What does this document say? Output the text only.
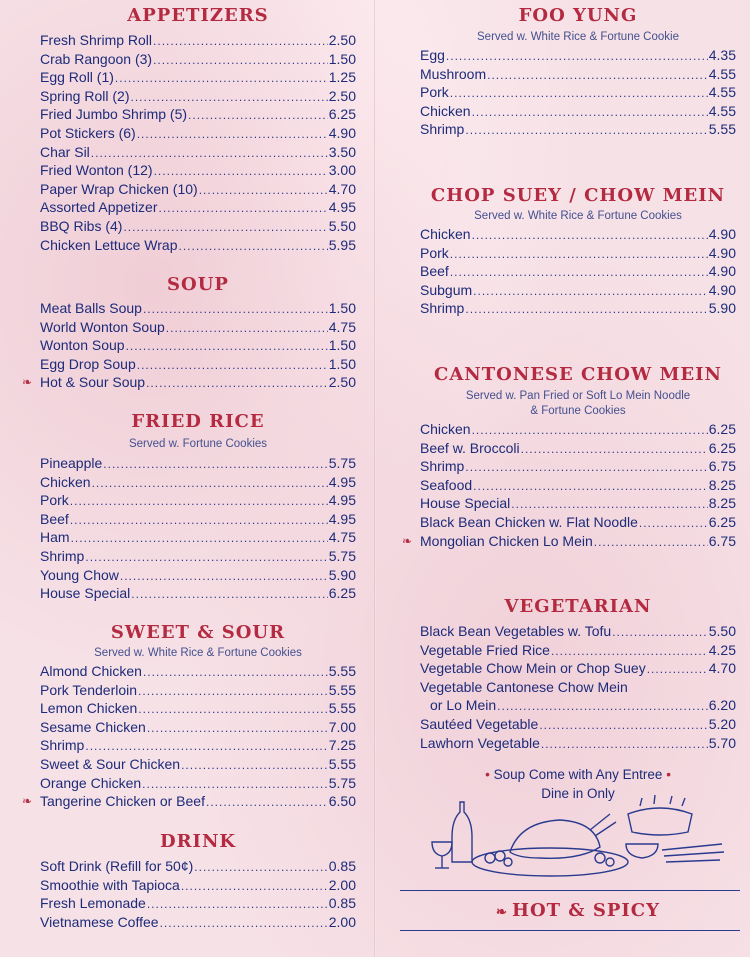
APPETIZERS
Fresh Shrimp Roll .....	2.50
Crab Rangoon (3) .....	1.50
Egg Roll (1) .....	1.25
Spring Roll (2) .....	2.50
Fried Jumbo Shrimp (5) .....	6.25
Pot Stickers (6) .....	4.90
Char Sil .....	3.50
Fried Wonton (12) .....	3.00
Paper Wrap Chicken (10) .....	4.70
Assorted Appetizer .....	4.95
BBQ Ribs (4) .....	5.50
Chicken Lettuce Wrap .....	5.95
SOUP
Meat Balls Soup .....	1.50
World Wonton Soup .....	4.75
Wonton Soup .....	1.50
Egg Drop Soup .....	1.50
❧ Hot & Sour Soup .....	2.50
FRIED RICE
Served w. Fortune Cookies
Pineapple .....	5.75
Chicken .....	4.95
Pork .....	4.95
Beef .....	4.95
Ham .....	4.75
Shrimp .....	5.75
Young Chow .....	5.90
House Special .....	6.25
SWEET & SOUR
Served w. White Rice & Fortune Cookies
Almond Chicken .....	5.55
Pork Tenderloin .....	5.55
Lemon Chicken .....	5.55
Sesame Chicken .....	7.00
Shrimp .....	7.25
Sweet & Sour Chicken .....	5.55
Orange Chicken .....	5.75
❧ Tangerine Chicken or Beef .....	6.50
DRINK
Soft Drink (Refill for 50¢) .....	0.85
Smoothie with Tapioca .....	2.00
Fresh Lemonade .....	0.85
Vietnamese Coffee .....	2.00
FOO YUNG
Served w. White Rice & Fortune Cookie
Egg .....	4.35
Mushroom .....	4.55
Pork .....	4.55
Chicken .....	4.55
Shrimp .....	5.55
CHOP SUEY / CHOW MEIN
Served w. White Rice & Fortune Cookies
Chicken .....	4.90
Pork .....	4.90
Beef .....	4.90
Subgum .....	4.90
Shrimp .....	5.90
CANTONESE CHOW MEIN
Served w. Pan Fried or Soft Lo Mein Noodle
& Fortune Cookies
Chicken .....	6.25
Beef w. Broccoli .....	6.25
Shrimp .....	6.75
Seafood .....	8.25
House Special .....	8.25
Black Bean Chicken w. Flat Noodle .....	6.25
❧ Mongolian Chicken Lo Mein .....	6.75
VEGETARIAN
Black Bean Vegetables w. Tofu .....	5.50
Vegetable Fried Rice .....	4.25
Vegetable Chow Mein or Chop Suey .....	4.70
Vegetable Cantonese Chow Mein
or Lo Mein .....	6.20
Sautéed Vegetable .....	5.20
Lawhorn Vegetable .....	5.70
• Soup Come with Any Entree •
Dine in Only
❧ HOT & SPICY
